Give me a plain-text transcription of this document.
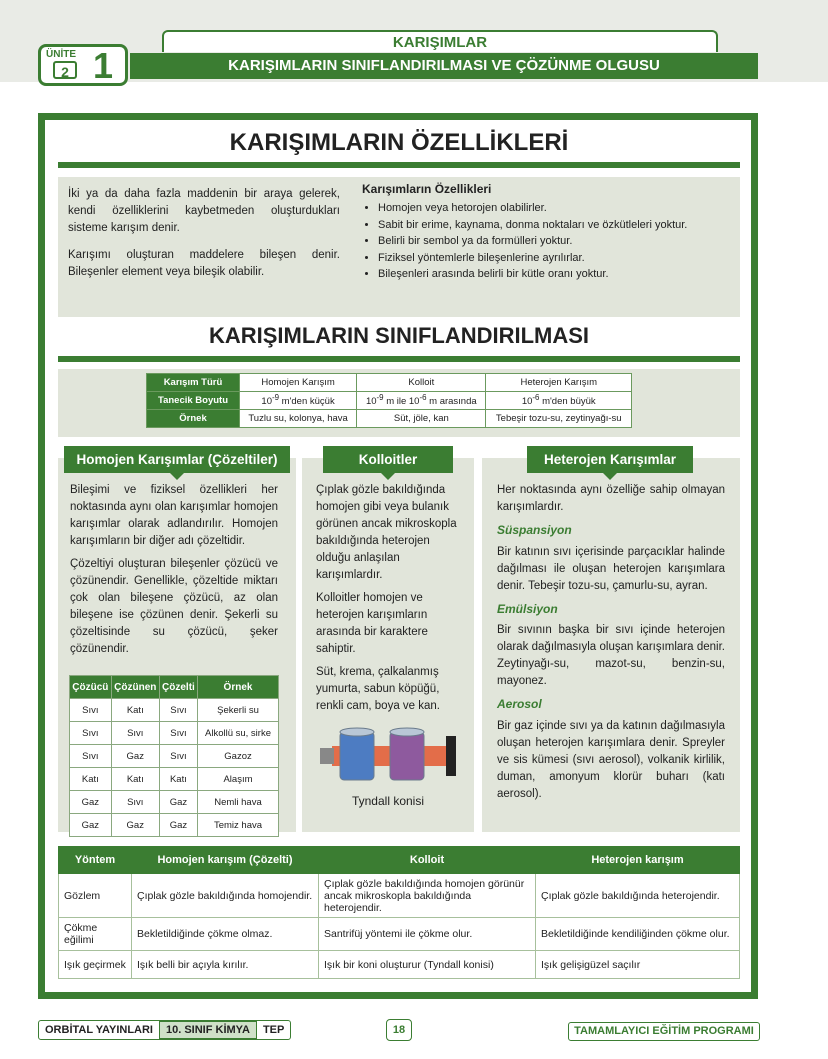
ÜNİTE
2 1
KARIŞIMLAR
KARIŞIMLARIN SINIFLANDIRILMASI VE ÇÖZÜNME OLGUSU
KARIŞIMLARIN ÖZELLİKLERİ

İki ya da daha fazla maddenin bir araya gelerek, kendi özelliklerini kaybetmeden oluşturdukları sisteme karışım denir.

Karışımı oluşturan maddelere bileşen denir. Bileşenler element veya bileşik olabilir.

Karışımların Özellikleri
• Homojen veya hetorojen olabilirler.
• Sabit bir erime, kaynama, donma noktaları ve özkütleleri yoktur.
• Belirli bir sembol ya da formülleri yoktur.
• Fiziksel yöntemlerle bileşenlerine ayrılırlar.
• Bileşenleri arasında belirli bir kütle oranı yoktur.
KARIŞIMLARIN SINIFLANDIRILMASI
Karışım Türü	Homojen Karışım	Kolloit	Heterojen Karışım
Tanecik Boyutu	$10^{-9}$ m'den küçük	$10^{-9}$ m ile $10^{-6}$ m arasında	$10^{-6}$ m'den büyük
Örnek	Tuzlu su, kolonya, hava	Süt, jöle, kan	Tebeşir tozu-su, zeytinyağı-su
Homojen Karışımlar (Çözeltiler)

Bileşimi ve fiziksel özellikleri her noktasında aynı olan karışımlar homojen karışımlar olarak adlandırılır. Homojen karışımların bir diğer adı çözeltidir.

Çözeltiyi oluşturan bileşenler çözücü ve çözünendir. Genellikle, çözeltide miktarı çok olan bileşene çözücü, az olan bileşene ise çözünen denir. Şekerli su çözeltisinde su çözücü, şeker çözünendir.

Çözücü	Çözünen	Çözelti	Örnek
Sıvı	Katı	Sıvı	Şekerli su
Sıvı	Sıvı	Sıvı	Alkollü su, sirke
Sıvı	Gaz	Sıvı	Gazoz
Katı	Katı	Katı	Alaşım
Gaz	Sıvı	Gaz	Nemli hava
Gaz	Gaz	Gaz	Temiz hava
Kolloitler

Çıplak gözle bakıldığında homojen gibi veya bulanık görünen ancak mikroskopla bakıldığında heterojen olduğu anlaşılan karışımlardır.

Kolloitler homojen ve heterojen karışımların arasında bir karaktere sahiptir.

Süt, krema, çalkalanmış yumurta, sabun köpüğü, renkli cam, boya ve kan.

Tyndall konisi
Heterojen Karışımlar

Her noktasında aynı özelliğe sahip olmayan karışımlardır.

Süspansiyon

Bir katının sıvı içerisinde parçacıklar halinde dağılması ile oluşan heterojen karışımlara denir. Tebeşir tozu-su, çamurlu-su, ayran.

Emülsiyon

Bir sıvının başka bir sıvı içinde heterojen olarak dağılmasıyla oluşan karışımlara denir. Zeytinyağı-su, mazot-su, benzin-su, mayonez.

Aerosol

Bir gaz içinde sıvı ya da katının dağılmasıyla oluşan heterojen karışımlara denir. Spreyler ve sis kümesi (sıvı aerosol), volkanik kirlilik, duman, amonyum klorür buharı (katı aerosol).

Yöntem	Homojen karışım (Çözelti)	Kolloit	Heterojen karışım
Gözlem	Çıplak gözle bakıldığında homojendir.	Çıplak gözle bakıldığında homojen görünür ancak mikroskopla bakıldığında heterojendir.	Çıplak gözle bakıldığında heterojendir.
Çökme eğilimi	Bekletildiğinde çökme olmaz.	Santrifüj yöntemi ile çökme olur.	Bekletildiğinde kendiliğinden çökme olur.
Işık geçirmek	Işık belli bir açıyla kırılır.	Işık bir koni oluşturur (Tyndall konisi)	Işık gelişigüzel saçılır
ORBİTAL YAYINLARI	10. SINIF KİMYA	TEP	18	TAMAMLAYICI EĞİTİM PROGRAMI
